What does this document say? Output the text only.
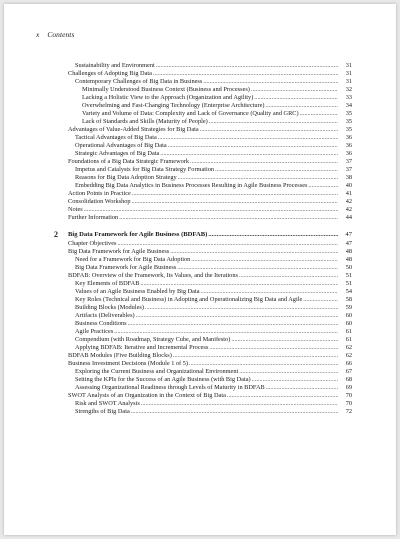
x Contents
Sustainability and Environment .....	31
Challenges of Adopting Big Data .....	31
Contemporary Challenges of Big Data in Business .....	31
Minimally Understood Business Context (Business and Processes) .....	32
Lacking a Holistic View to the Approach (Organization and Agility) .....	33
Overwhelming and Fast-Changing Technology (Enterprise Architecture) .....	34
Variety and Volume of Data: Complexity and Lack of Governance (Quality and GRC) .....	35
Lack of Standards and Skills (Maturity of People) .....	35
Advantages of Value-Added Strategies for Big Data .....	35
Tactical Advantages of Big Data .....	36
Operational Advantages of Big Data .....	36
Strategic Advantages of Big Data .....	36
Foundations of a Big Data Strategic Framework .....	37
Impetus and Catalysts for Big Data Strategy Formation .....	37
Reasons for Big Data Adoption Strategy .....	38
Embedding Big Data Analytics in Business Processes Resulting in Agile Business Processes .....	40
Action Points in Practice .....	41
Consolidation Workshop .....	42
Notes .....	42
Further Information .....	44
2 Big Data Framework for Agile Business (BDFAB) .....	47
Chapter Objectives .....	47
Big Data Framework for Agile Business .....	48
Need for a Framework for Big Data Adoption .....	48
Big Data Framework for Agile Business .....	50
BDFAB: Overview of the Framework, Its Values, and the Iterations .....	51
Key Elements of BDFAB .....	51
Values of an Agile Business Enabled by Big Data .....	54
Key Roles (Technical and Business) in Adopting and Operationalizing Big Data and Agile .....	58
Building Blocks (Modules) .....	59
Artifacts (Deliverables) .....	60
Business Conditions .....	60
Agile Practices .....	61
Compendium (with Roadmap, Strategy Cube, and Manifesto) .....	61
Applying BDFAB: Iterative and Incremental Process .....	62
BDFAB Modules (Five Building Blocks) .....	62
Business Investment Decisions (Module 1 of 5) .....	66
Exploring the Current Business and Organizational Environment .....	67
Setting the KPIs for the Success of an Agile Business (with Big Data) .....	68
Assessing Organizational Readiness through Levels of Maturity in BDFAB .....	69
SWOT Analysis of an Organization in the Context of Big Data .....	70
Risk and SWOT Analysis .....	70
Strengths of Big Data .....	72
